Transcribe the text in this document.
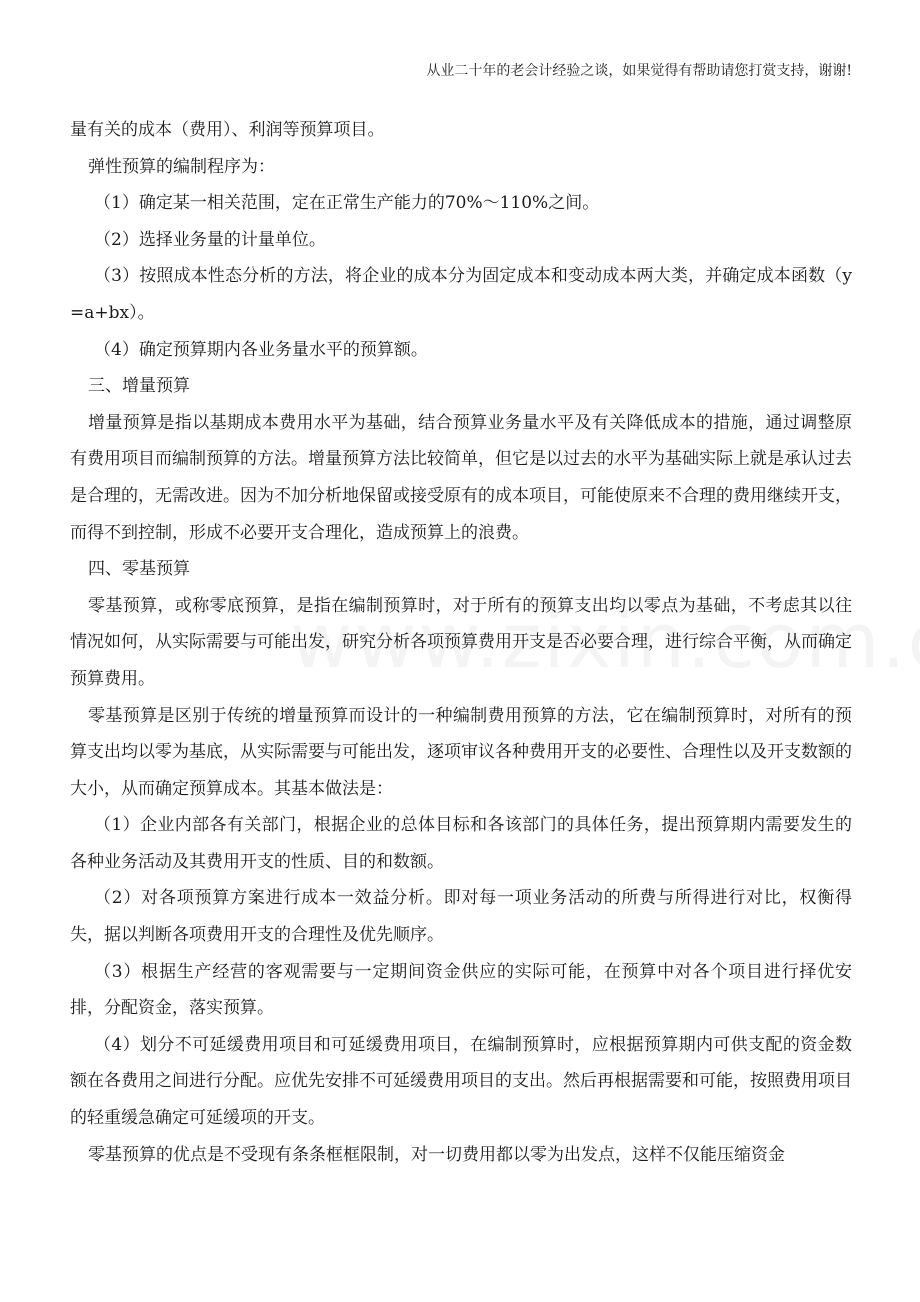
从业二十年的老会计经验之谈，如果觉得有帮助请您打赏支持，谢谢!

量有关的成本（费用）、利润等预算项目。

弹性预算的编制程序为：

（1）确定某一相关范围，定在正常生产能力的70%～110%之间。

（2）选择业务量的计量单位。

（3）按照成本性态分析的方法，将企业的成本分为固定成本和变动成本两大类，并确定成本函数（y=a+bx）。

（4）确定预算期内各业务量水平的预算额。

三、增量预算

增量预算是指以基期成本费用水平为基础，结合预算业务量水平及有关降低成本的措施，通过调整原有费用项目而编制预算的方法。增量预算方法比较简单，但它是以过去的水平为基础实际上就是承认过去是合理的，无需改进。因为不加分析地保留或接受原有的成本项目，可能使原来不合理的费用继续开支，而得不到控制，形成不必要开支合理化，造成预算上的浪费。

四、零基预算

零基预算，或称零底预算，是指在编制预算时，对于所有的预算支出均以零点为基础，不考虑其以往情况如何，从实际需要与可能出发，研究分析各项预算费用开支是否必要合理，进行综合平衡，从而确定预算费用。

零基预算是区别于传统的增量预算而设计的一种编制费用预算的方法，它在编制预算时，对所有的预算支出均以零为基底，从实际需要与可能出发，逐项审议各种费用开支的必要性、合理性以及开支数额的大小，从而确定预算成本。其基本做法是：

（1）企业内部各有关部门，根据企业的总体目标和各该部门的具体任务，提出预算期内需要发生的各种业务活动及其费用开支的性质、目的和数额。

（2）对各项预算方案进行成本一效益分析。即对每一项业务活动的所费与所得进行对比，权衡得失，据以判断各项费用开支的合理性及优先顺序。

（3）根据生产经营的客观需要与一定期间资金供应的实际可能，在预算中对各个项目进行择优安排，分配资金，落实预算。

（4）划分不可延缓费用项目和可延缓费用项目，在编制预算时，应根据预算期内可供支配的资金数额在各费用之间进行分配。应优先安排不可延缓费用项目的支出。然后再根据需要和可能，按照费用项目的轻重缓急确定可延缓项的开支。

零基预算的优点是不受现有条条框框限制，对一切费用都以零为出发点，这样不仅能压缩资金
